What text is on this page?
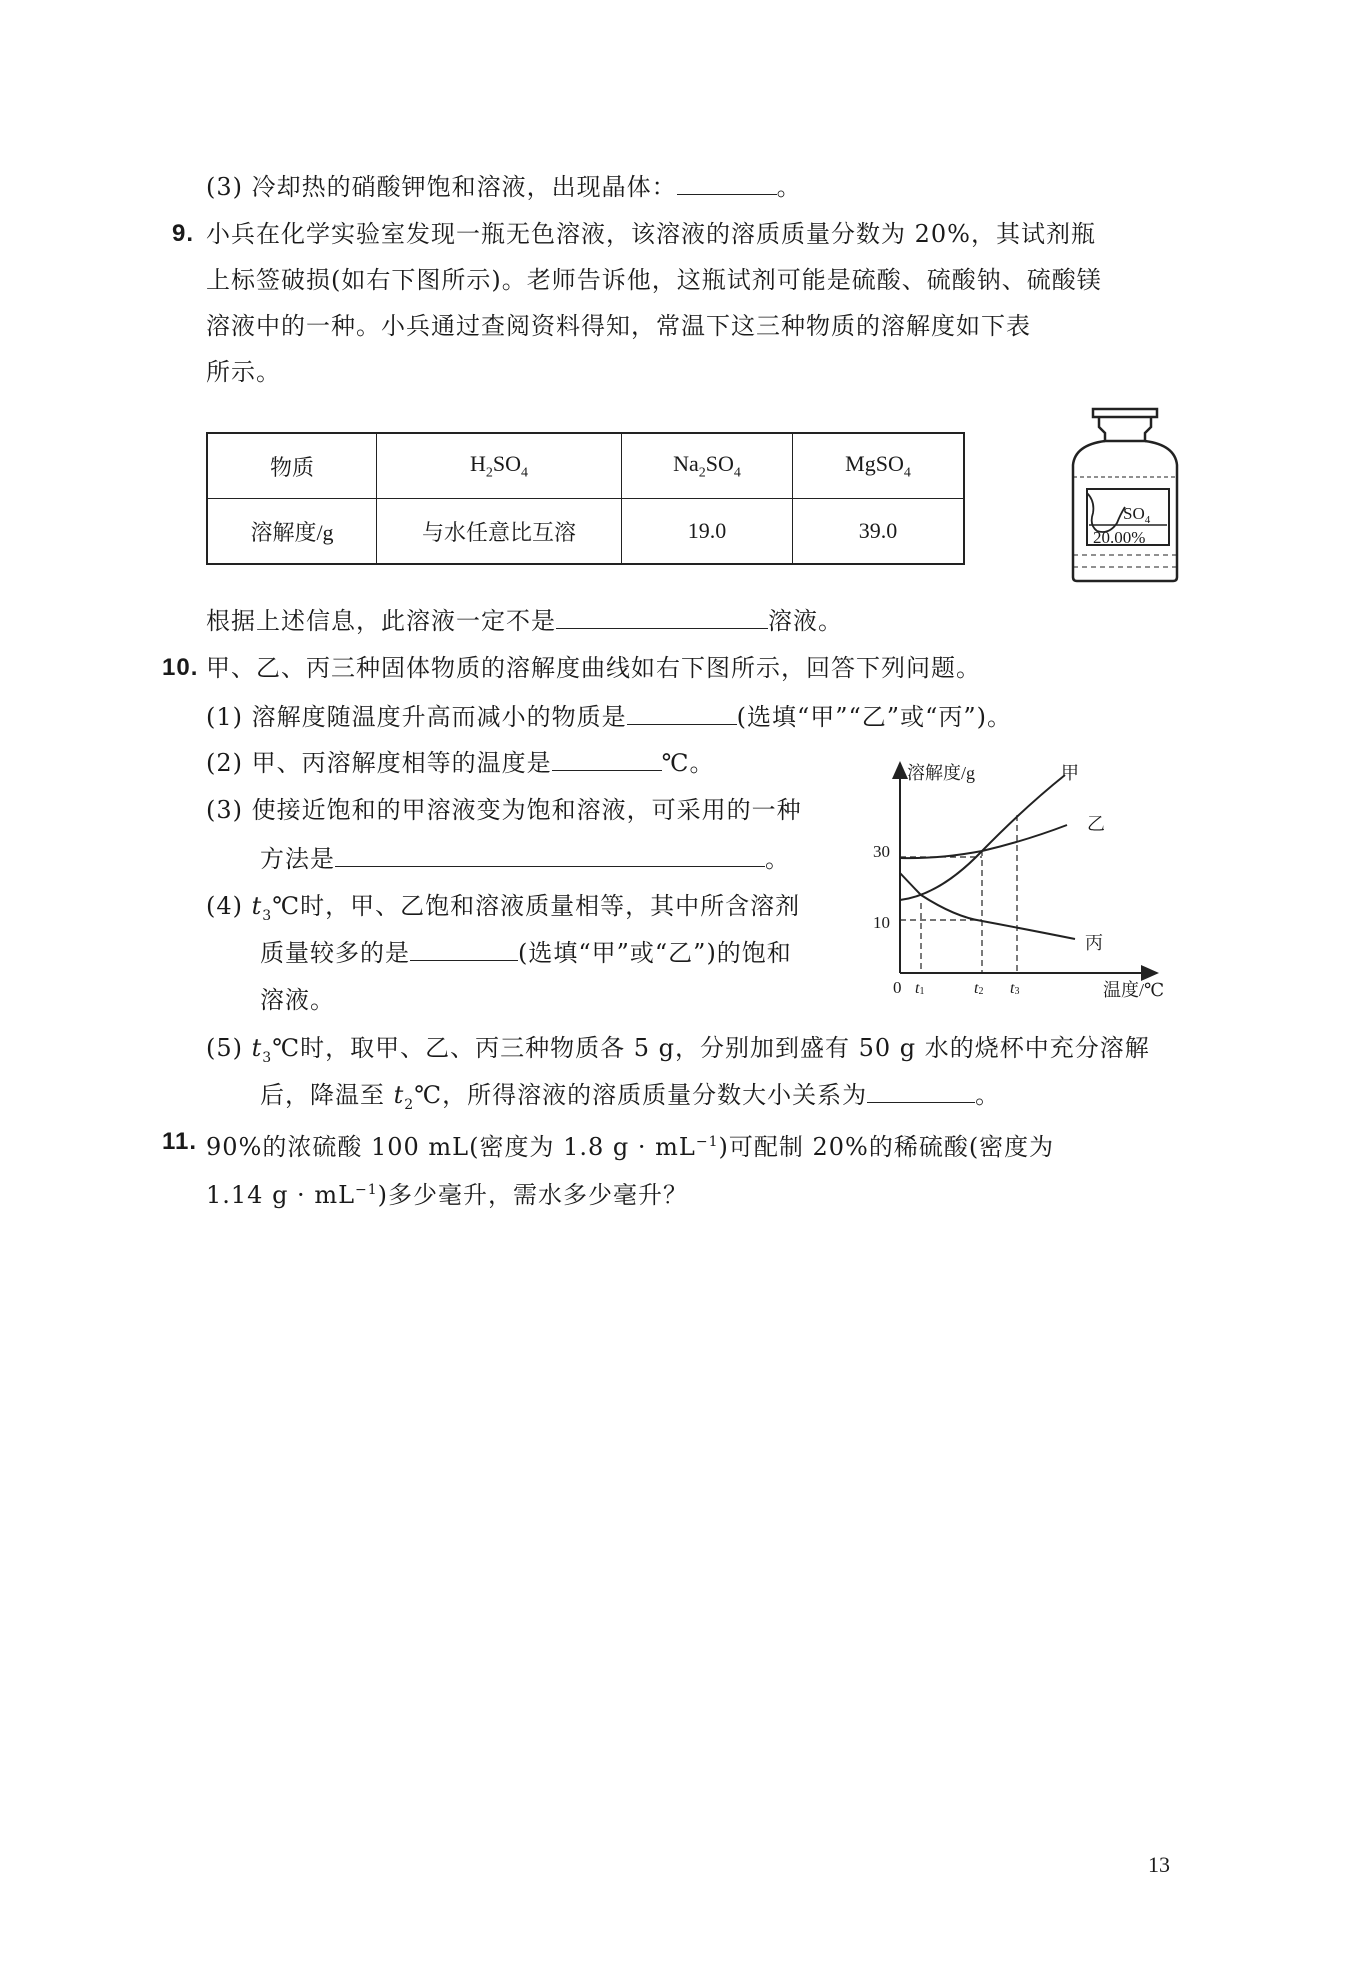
(3) 冷却热的硝酸钾饱和溶液，出现晶体：	。
9. 小兵在化学实验室发现一瓶无色溶液，该溶液的溶质质量分数为 20%，其试剂瓶
上标签破损(如右下图所示)。老师告诉他，这瓶试剂可能是硫酸、硫酸钠、硫酸镁
溶液中的一种。小兵通过查阅资料得知，常温下这三种物质的溶解度如下表
所示。
物质	$H_2SO_4$	$Na_2SO_4$	MgSO$_4$
溶解度/g	与水任意比互溶	19.0	39.0
$SO_4$
20.00%
根据上述信息，此溶液一定不是	溶液。
10. 甲、乙、丙三种固体物质的溶解度曲线如右下图所示，回答下列问题。
(1) 溶解度随温度升高而减小的物质是	(选填“甲”“乙”或“丙”)。
(2) 甲、丙溶解度相等的温度是	℃。
(3) 使接近饱和的甲溶液变为饱和溶液，可采用的一种
方法是	。
(4) $t_3℃$时，甲、乙饱和溶液质量相等，其中所含溶剂
质量较多的是	(选填“甲”或“乙”)的饱和
溶液。
溶解度/g
温度/℃
0
30
10
$t_1$	$t_2$ $t_3$
甲
乙
丙
(5) $t_3℃$时，取甲、乙、丙三种物质各 5 g，分别加到盛有 50 g 水的烧杯中充分溶解
后，降温至 $t_2℃$，所得溶液的溶质质量分数大小关系为	。
11. 90%的浓硫酸 100 mL(密度为 1.8 $g \cdot mL^{-1}$)可配制 20%的稀硫酸(密度为
1.14 $g \cdot mL^{-1}$)多少毫升，需水多少毫升？
13
